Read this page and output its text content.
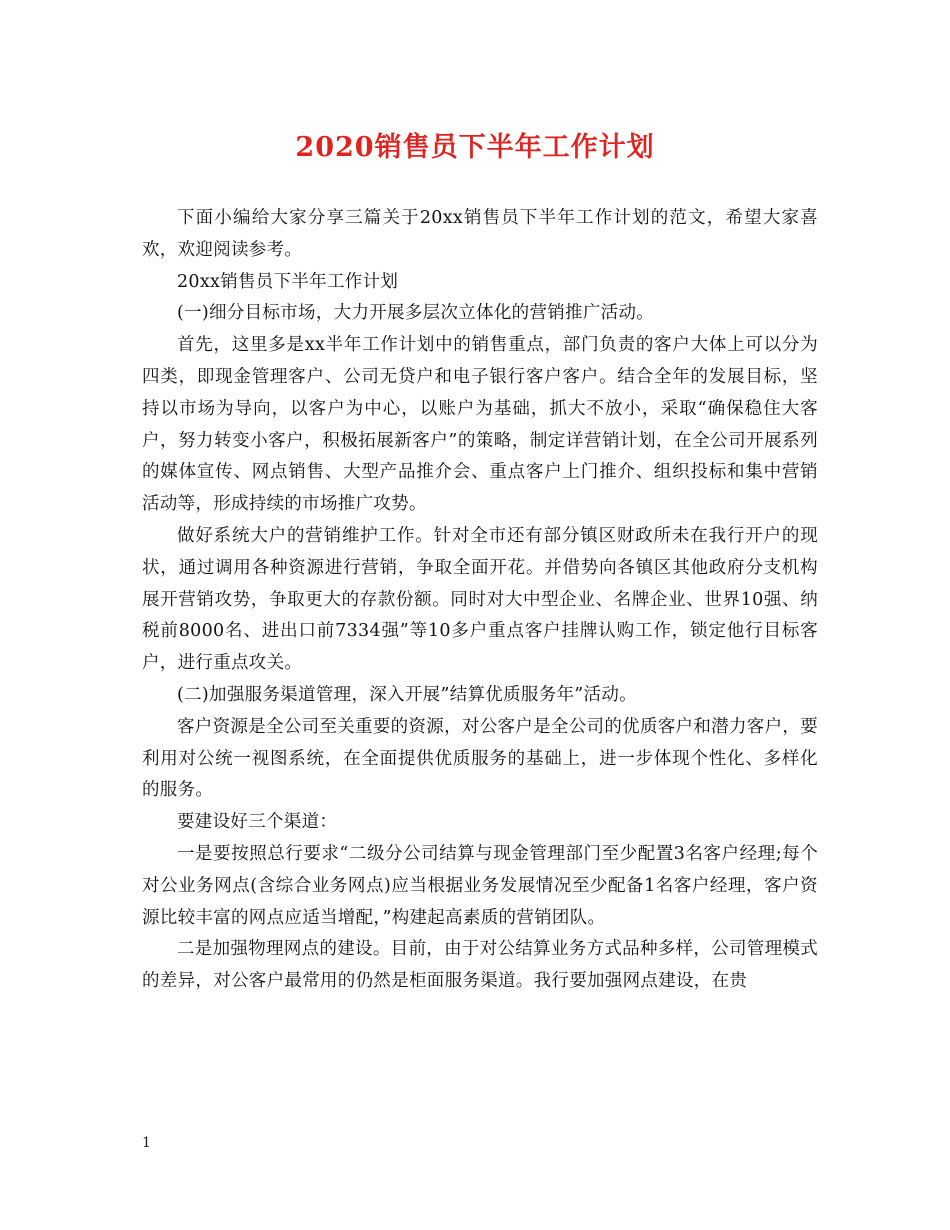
2020销售员下半年工作计划

下面小编给大家分享三篇关于20xx销售员下半年工作计划的范文，希望大家喜欢，欢迎阅读参考。

20xx销售员下半年工作计划

(一)细分目标市场，大力开展多层次立体化的营销推广活动。

首先，这里多是xx半年工作计划中的销售重点，部门负责的客户大体上可以分为四类，即现金管理客户、公司无贷户和电子银行客户客户。结合全年的发展目标，坚持以市场为导向，以客户为中心，以账户为基础，抓大不放小，采取“确保稳住大客户，努力转变小客户，积极拓展新客户”的策略，制定详营销计划，在全公司开展系列的媒体宣传、网点销售、大型产品推介会、重点客户上门推介、组织投标和集中营销活动等，形成持续的市场推广攻势。

做好系统大户的营销维护工作。针对全市还有部分镇区财政所未在我行开户的现状，通过调用各种资源进行营销，争取全面开花。并借势向各镇区其他政府分支机构展开营销攻势，争取更大的存款份额。同时对大中型企业、名牌企业、世界10强、纳税前8000名、进出口前7334强”等10多户重点客户挂牌认购工作，锁定他行目标客户，进行重点攻关。

(二)加强服务渠道管理，深入开展”结算优质服务年”活动。

客户资源是全公司至关重要的资源，对公客户是全公司的优质客户和潜力客户，要利用对公统一视图系统，在全面提供优质服务的基础上，进一步体现个性化、多样化的服务。

要建设好三个渠道：

一是要按照总行要求“二级分公司结算与现金管理部门至少配置3名客户经理;每个对公业务网点(含综合业务网点)应当根据业务发展情况至少配备1名客户经理，客户资源比较丰富的网点应适当增配，”构建起高素质的营销团队。

二是加强物理网点的建设。目前，由于对公结算业务方式品种多样，公司管理模式的差异，对公客户最常用的仍然是柜面服务渠道。我行要加强网点建设，在贵

1
